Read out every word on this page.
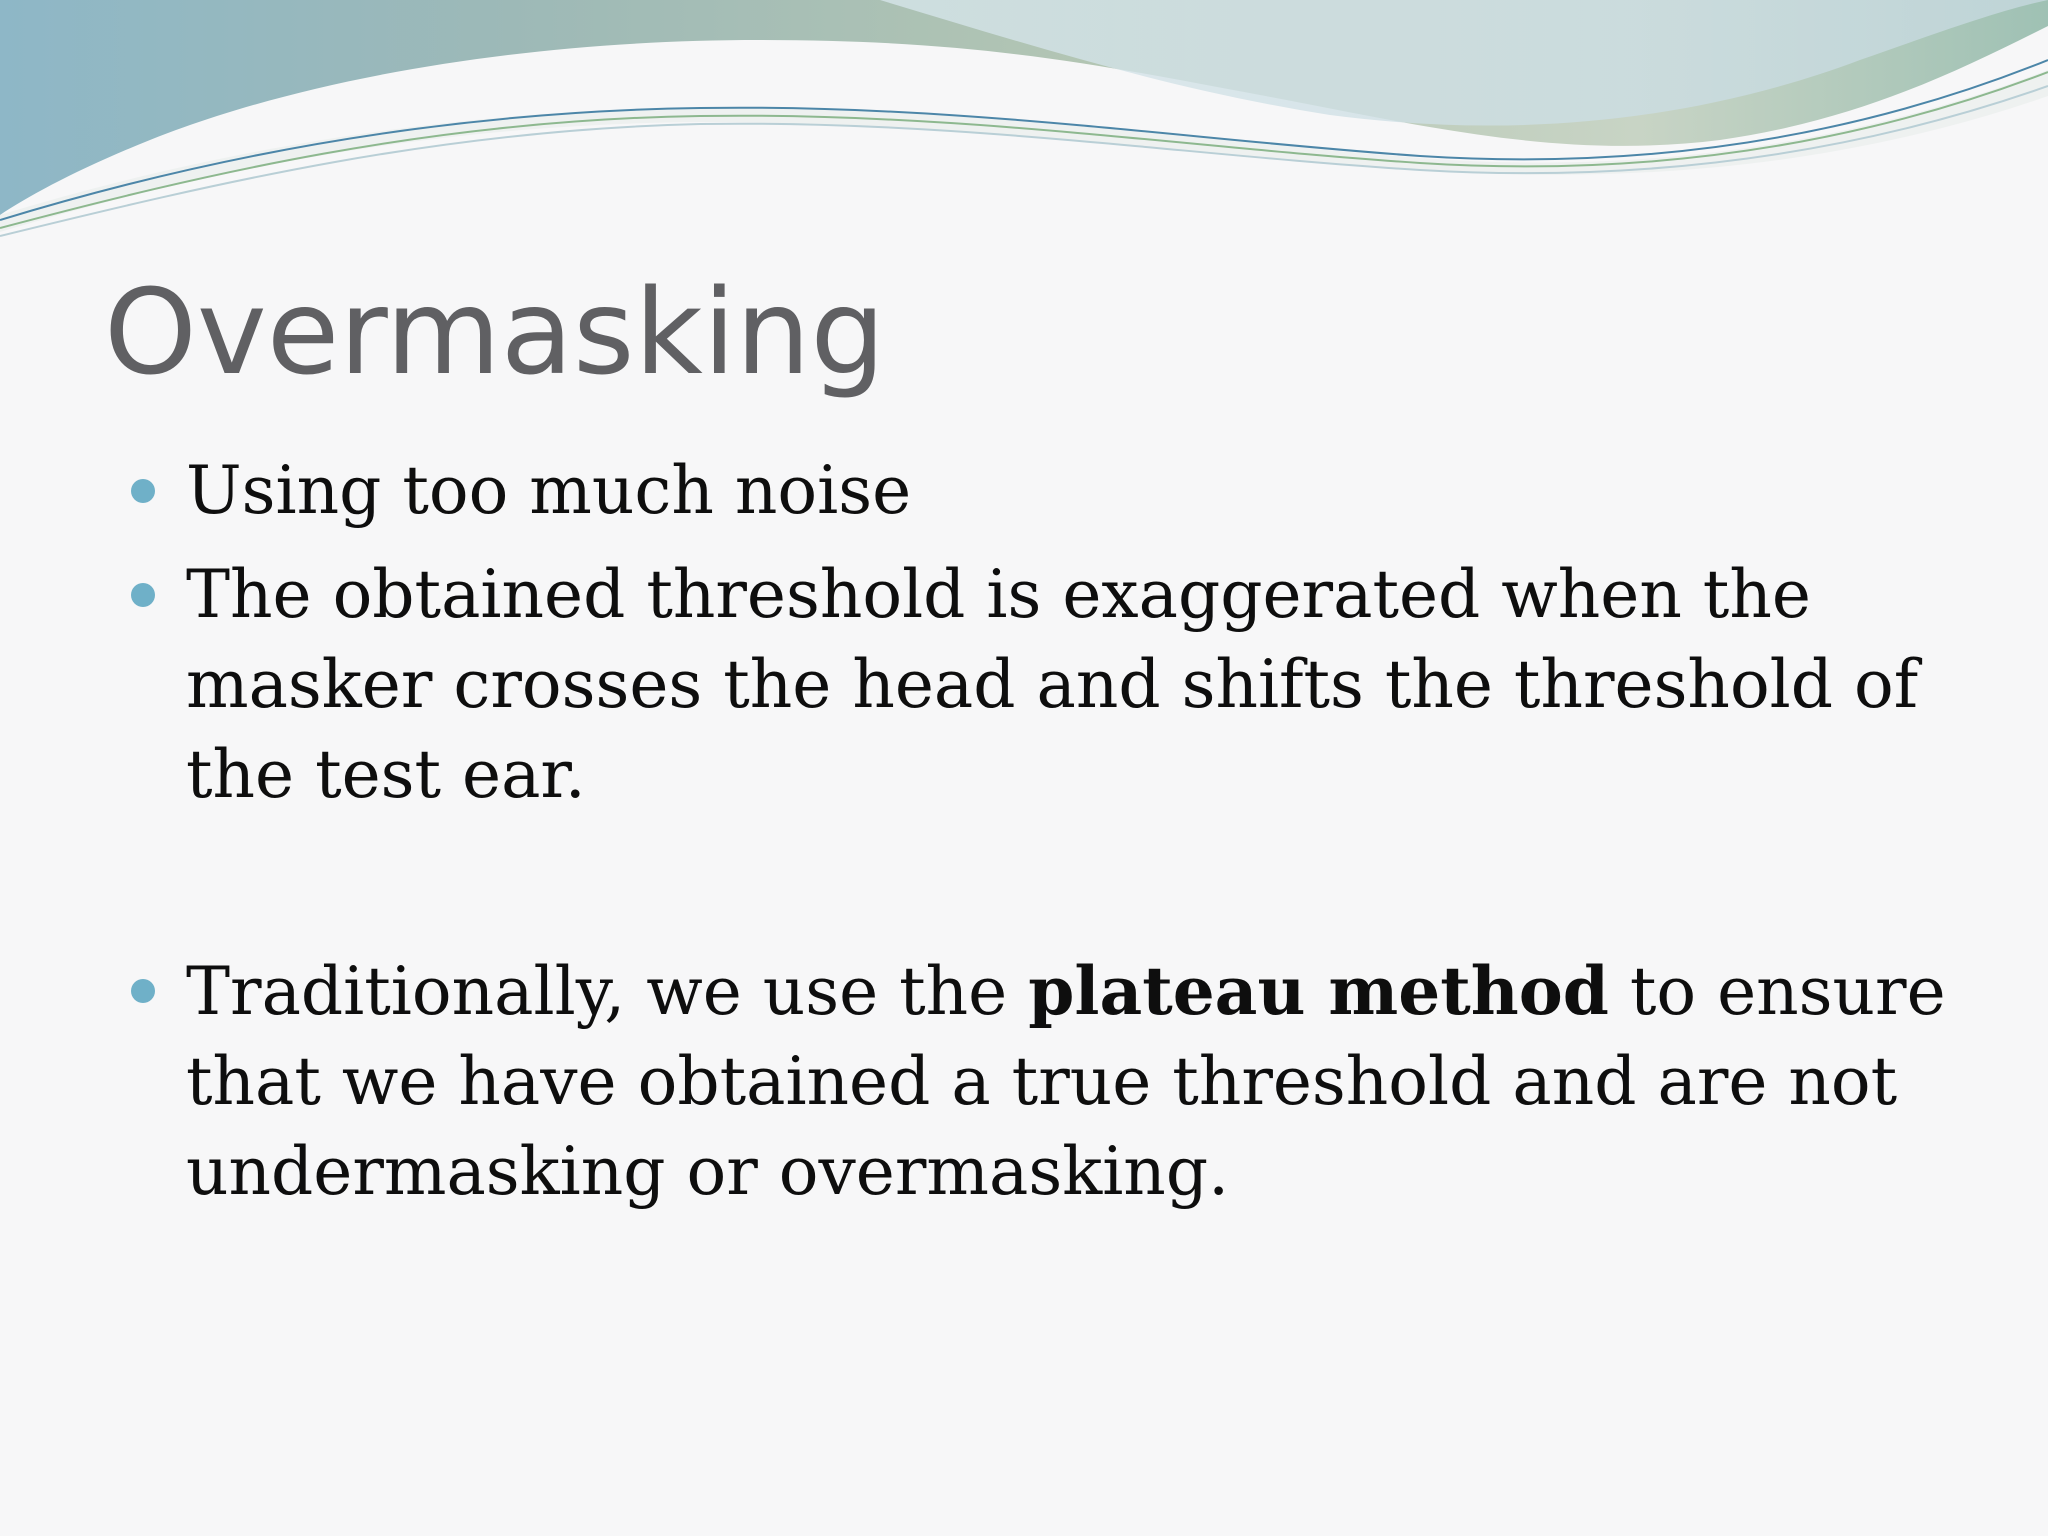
Overmasking
Using too much noise
The obtained threshold is exaggerated when the masker crosses the head and shifts the threshold of the test ear.
Traditionally, we use the plateau method to ensure that we have obtained a true threshold and are not undermasking or overmasking.
